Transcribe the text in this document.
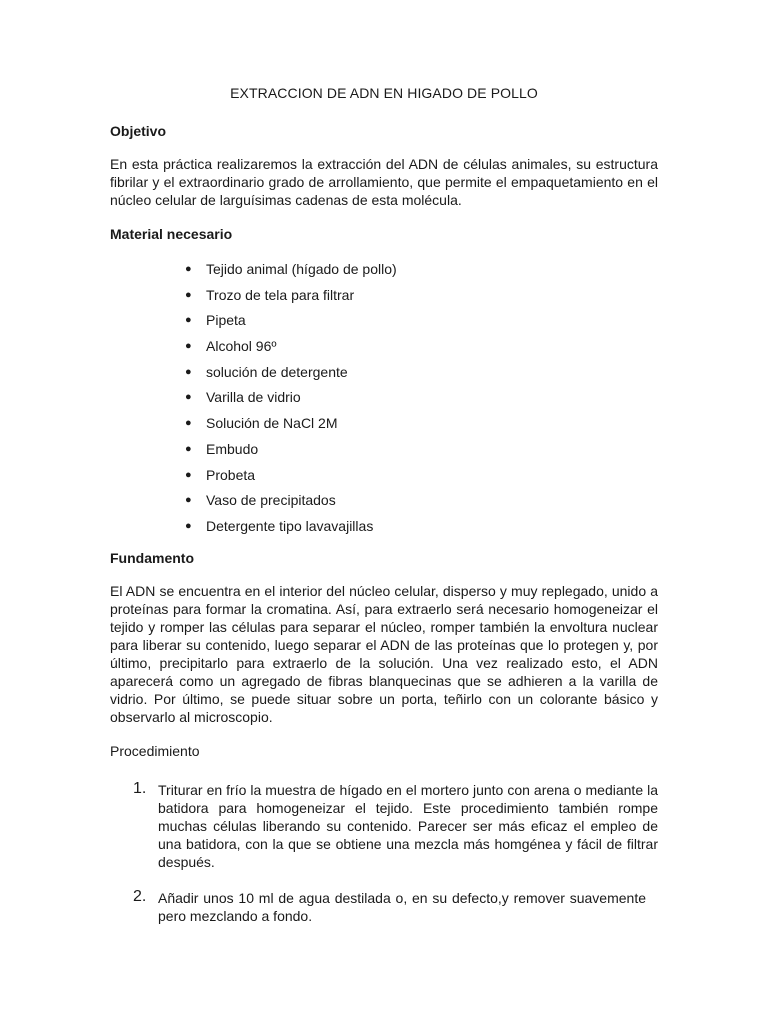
EXTRACCION DE ADN EN HIGADO DE POLLO
Objetivo

En esta práctica realizaremos la extracción del ADN de células animales, su estructura fibrilar y el extraordinario grado de arrollamiento, que permite el empaquetamiento en el núcleo celular de larguísimas cadenas de esta molécula.

Material necesario
● Tejido animal (hígado de pollo)
● Trozo de tela para filtrar
● Pipeta
● Alcohol 96º
● solución de detergente
● Varilla de vidrio
● Solución de NaCl 2M
● Embudo
● Probeta
● Vaso de precipitados
● Detergente tipo lavavajillas
Fundamento

El ADN se encuentra en el interior del núcleo celular, disperso y muy replegado, unido a proteínas para formar la cromatina. Así, para extraerlo será necesario homogeneizar el tejido y romper las células para separar el núcleo, romper también la envoltura nuclear para liberar su contenido, luego separar el ADN de las proteínas que lo protegen y, por último, precipitarlo para extraerlo de la solución. Una vez realizado esto, el ADN aparecerá como un agregado de fibras blanquecinas que se adhieren a la varilla de vidrio. Por último, se puede situar sobre un porta, teñirlo con un colorante básico y observarlo al microscopio.

Procedimiento
1. Triturar en frío la muestra de hígado en el mortero junto con arena o mediante la batidora para homogeneizar el tejido. Este procedimiento también rompe muchas células liberando su contenido. Parecer ser más eficaz el empleo de una batidora, con la que se obtiene una mezcla más homgénea y fácil de filtrar después.
2. Añadir unos 10 ml de agua destilada o, en su defecto,y remover suavemente pero mezclando a fondo.
